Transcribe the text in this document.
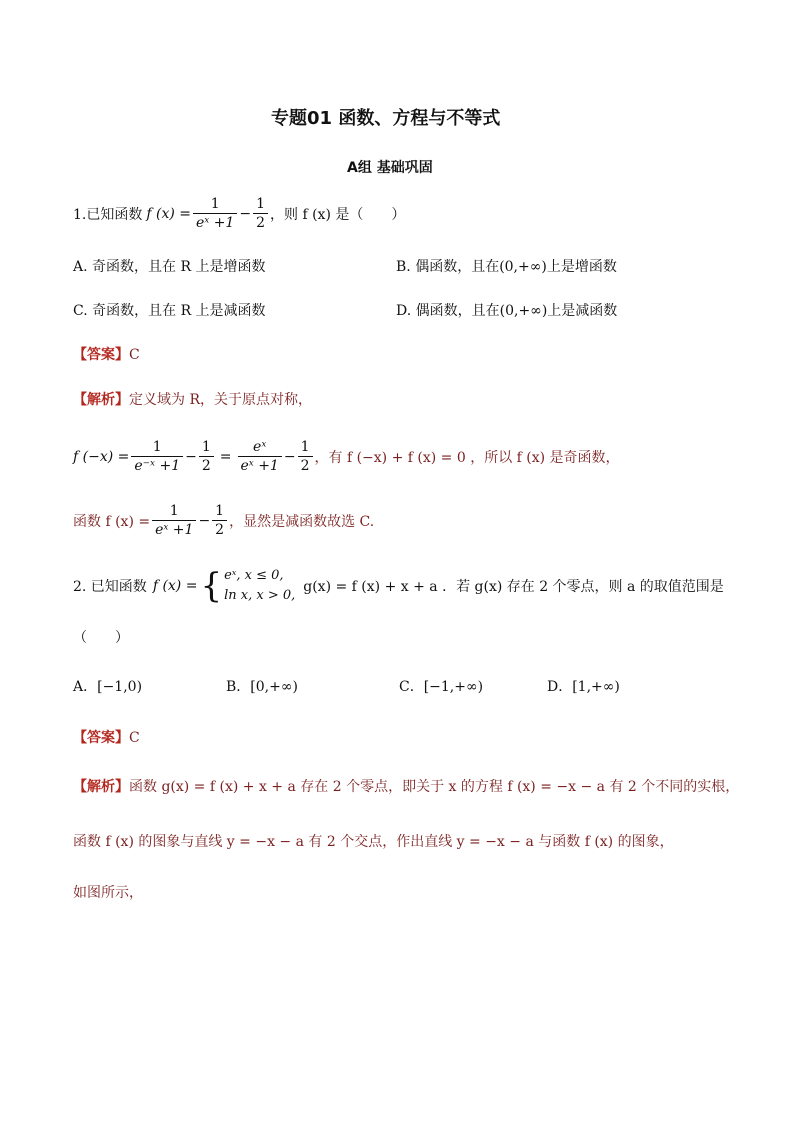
专题01 函数、方程与不等式
A组 基础巩固
1.已知函数 f $(x) = \frac{1}{\text{eˣ +1}} - \frac{1}{2}$ ，则 f (x) 是（　　）
A. 奇函数，且在 R 上是增函数	B. 偶函数，且在(0,+∞)上是增函数
C. 奇函数，且在 R 上是减函数	D. 偶函数，且在(0,+∞)上是减函数
【答案】C
【解析】定义域为 R，关于原点对称，
f $(-x) = \frac{1}{\text{e⁻ˣ +1}} - \frac{1}{2} = \frac{\text{eˣ}}{\text{eˣ +1}} - \frac{1}{2}$ ，有 f (−x) + f (x) = 0 ，所以 f (x) 是奇函数，
函数 f $(x) = \frac{1}{\text{eˣ +1}} - \frac{1}{2}$ ，显然是减函数故选 C.
2. 已知函数 f (x) = { eˣ, x ≤ 0,
ln x, x > 0,
g(x) = f (x) + x + a ．若 g(x) 存在 2 个零点，则 a 的取值范围是
（　　）
A．[−1,0)	B．[0,+∞)	C．[−1,+∞)	D．[1,+∞)
【答案】C
【解析】函数 g(x) = f (x) + x + a 存在 2 个零点，即关于 x 的方程 f (x) = −x − a 有 2 个不同的实根，
函数 f (x) 的图象与直线 y = −x − a 有 2 个交点，作出直线 y = −x − a 与函数 f (x) 的图象，
如图所示，
